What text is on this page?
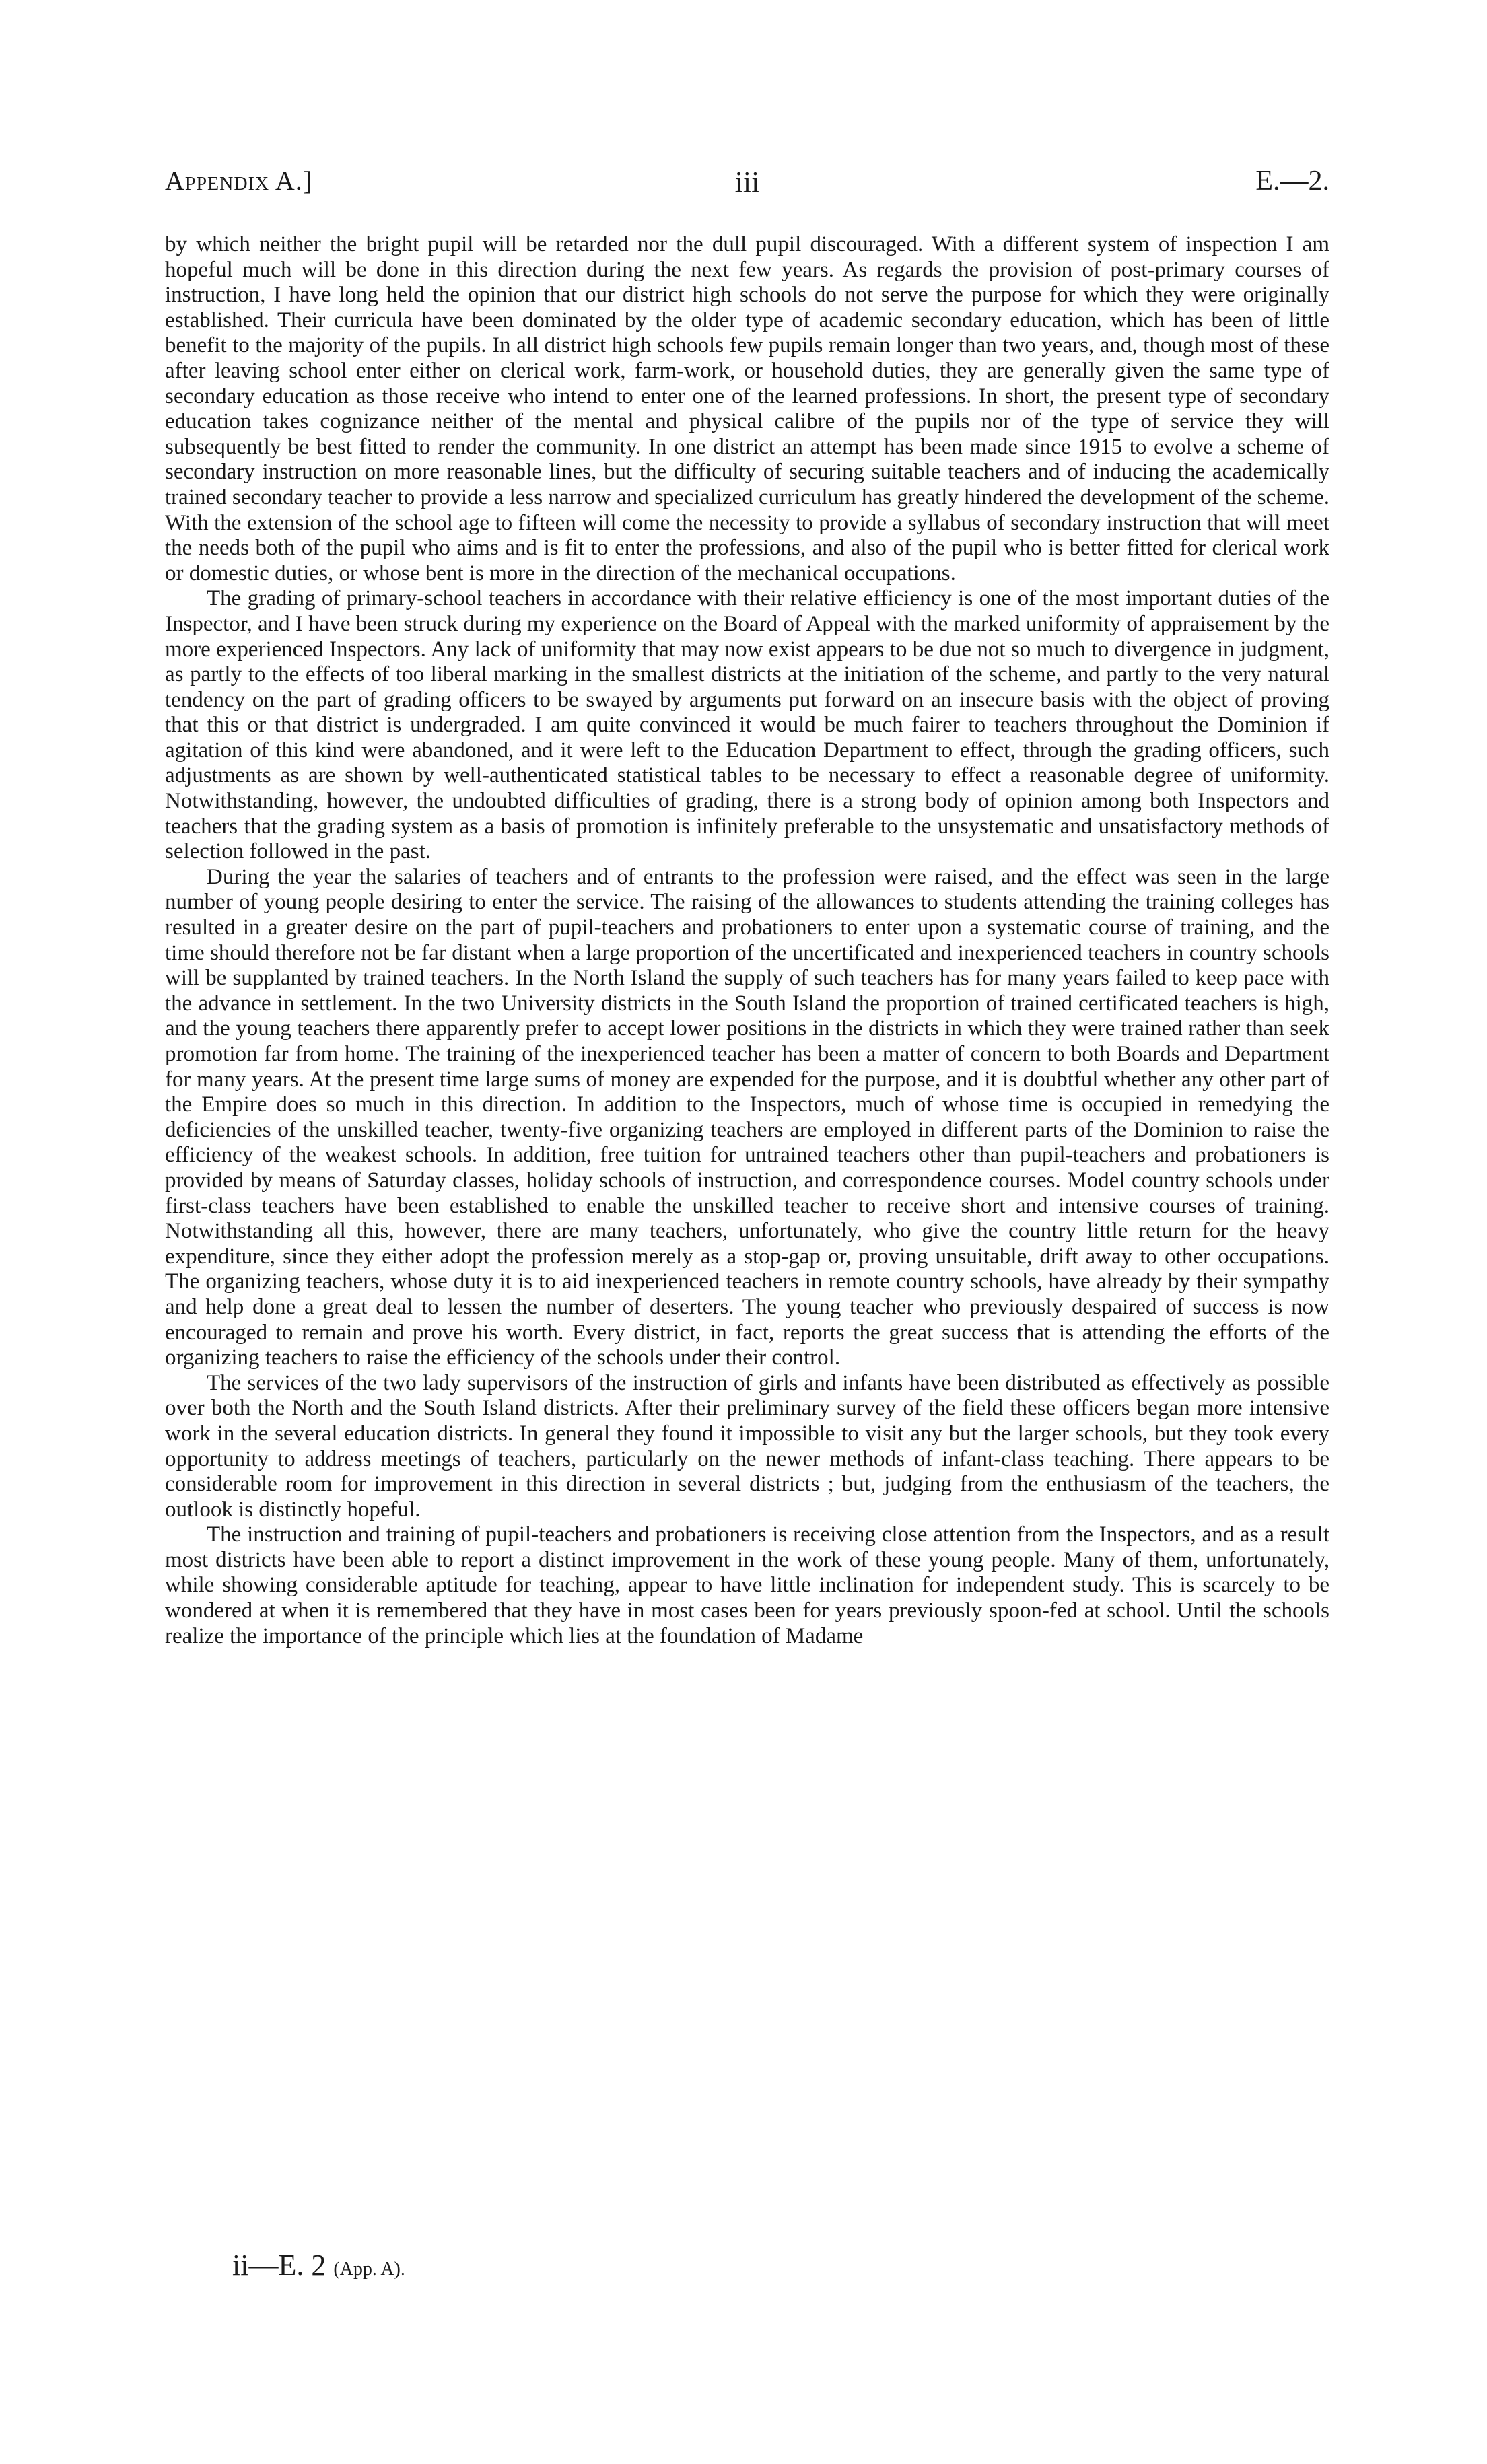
Appendix A.]	iii	E.—2.

by which neither the bright pupil will be retarded nor the dull pupil discouraged. With a different system of inspection I am hopeful much will be done in this direction during the next few years. As regards the provision of post-primary courses of instruction, I have long held the opinion that our district high schools do not serve the purpose for which they were originally established. Their curricula have been dominated by the older type of academic secondary education, which has been of little benefit to the majority of the pupils. In all district high schools few pupils remain longer than two years, and, though most of these after leaving school enter either on clerical work, farm-work, or household duties, they are generally given the same type of secondary education as those receive who intend to enter one of the learned professions. In short, the present type of secondary education takes cognizance neither of the mental and physical calibre of the pupils nor of the type of service they will subsequently be best fitted to render the community. In one district an attempt has been made since 1915 to evolve a scheme of secondary instruction on more reasonable lines, but the difficulty of securing suitable teachers and of inducing the academically trained secondary teacher to provide a less narrow and specialized curriculum has greatly hindered the development of the scheme. With the extension of the school age to fifteen will come the necessity to provide a syllabus of secondary instruction that will meet the needs both of the pupil who aims and is fit to enter the professions, and also of the pupil who is better fitted for clerical work or domestic duties, or whose bent is more in the direction of the mechanical occupations.

The grading of primary-school teachers in accordance with their relative efficiency is one of the most important duties of the Inspector, and I have been struck during my experience on the Board of Appeal with the marked uniformity of appraisement by the more experienced Inspectors. Any lack of uniformity that may now exist appears to be due not so much to divergence in judgment, as partly to the effects of too liberal marking in the smallest districts at the initiation of the scheme, and partly to the very natural tendency on the part of grading officers to be swayed by arguments put forward on an insecure basis with the object of proving that this or that district is undergraded. I am quite convinced it would be much fairer to teachers throughout the Dominion if agitation of this kind were abandoned, and it were left to the Education Department to effect, through the grading officers, such adjustments as are shown by well-authenticated statistical tables to be necessary to effect a reasonable degree of uniformity. Notwithstanding, however, the undoubted difficulties of grading, there is a strong body of opinion among both Inspectors and teachers that the grading system as a basis of promotion is infinitely preferable to the unsystematic and unsatisfactory methods of selection followed in the past.

During the year the salaries of teachers and of entrants to the profession were raised, and the effect was seen in the large number of young people desiring to enter the service. The raising of the allowances to students attending the training colleges has resulted in a greater desire on the part of pupil-teachers and probationers to enter upon a systematic course of training, and the time should therefore not be far distant when a large proportion of the uncertificated and inexperienced teachers in country schools will be supplanted by trained teachers. In the North Island the supply of such teachers has for many years failed to keep pace with the advance in settlement. In the two University districts in the South Island the proportion of trained certificated teachers is high, and the young teachers there apparently prefer to accept lower positions in the districts in which they were trained rather than seek promotion far from home. The training of the inexperienced teacher has been a matter of concern to both Boards and Department for many years. At the present time large sums of money are expended for the purpose, and it is doubtful whether any other part of the Empire does so much in this direction. In addition to the Inspectors, much of whose time is occupied in remedying the deficiencies of the unskilled teacher, twenty-five organizing teachers are employed in different parts of the Dominion to raise the efficiency of the weakest schools. In addition, free tuition for untrained teachers other than pupil-teachers and probationers is provided by means of Saturday classes, holiday schools of instruction, and correspondence courses. Model country schools under first-class teachers have been established to enable the unskilled teacher to receive short and intensive courses of training. Notwithstanding all this, however, there are many teachers, unfortunately, who give the country little return for the heavy expenditure, since they either adopt the profession merely as a stop-gap or, proving unsuitable, drift away to other occupations. The organizing teachers, whose duty it is to aid inexperienced teachers in remote country schools, have already by their sympathy and help done a great deal to lessen the number of deserters. The young teacher who previously despaired of success is now encouraged to remain and prove his worth. Every district, in fact, reports the great success that is attending the efforts of the organizing teachers to raise the efficiency of the schools under their control.

The services of the two lady supervisors of the instruction of girls and infants have been distributed as effectively as possible over both the North and the South Island districts. After their preliminary survey of the field these officers began more intensive work in the several education districts. In general they found it impossible to visit any but the larger schools, but they took every opportunity to address meetings of teachers, particularly on the newer methods of infant-class teaching. There appears to be considerable room for improvement in this direction in several districts ; but, judging from the enthusiasm of the teachers, the outlook is distinctly hopeful.

The instruction and training of pupil-teachers and probationers is receiving close attention from the Inspectors, and as a result most districts have been able to report a distinct improvement in the work of these young people. Many of them, unfortunately, while showing considerable aptitude for teaching, appear to have little inclination for independent study. This is scarcely to be wondered at when it is remembered that they have in most cases been for years previously spoon-fed at school. Until the schools realize the importance of the principle which lies at the foundation of Madame

ii—E. 2 (App. A).
